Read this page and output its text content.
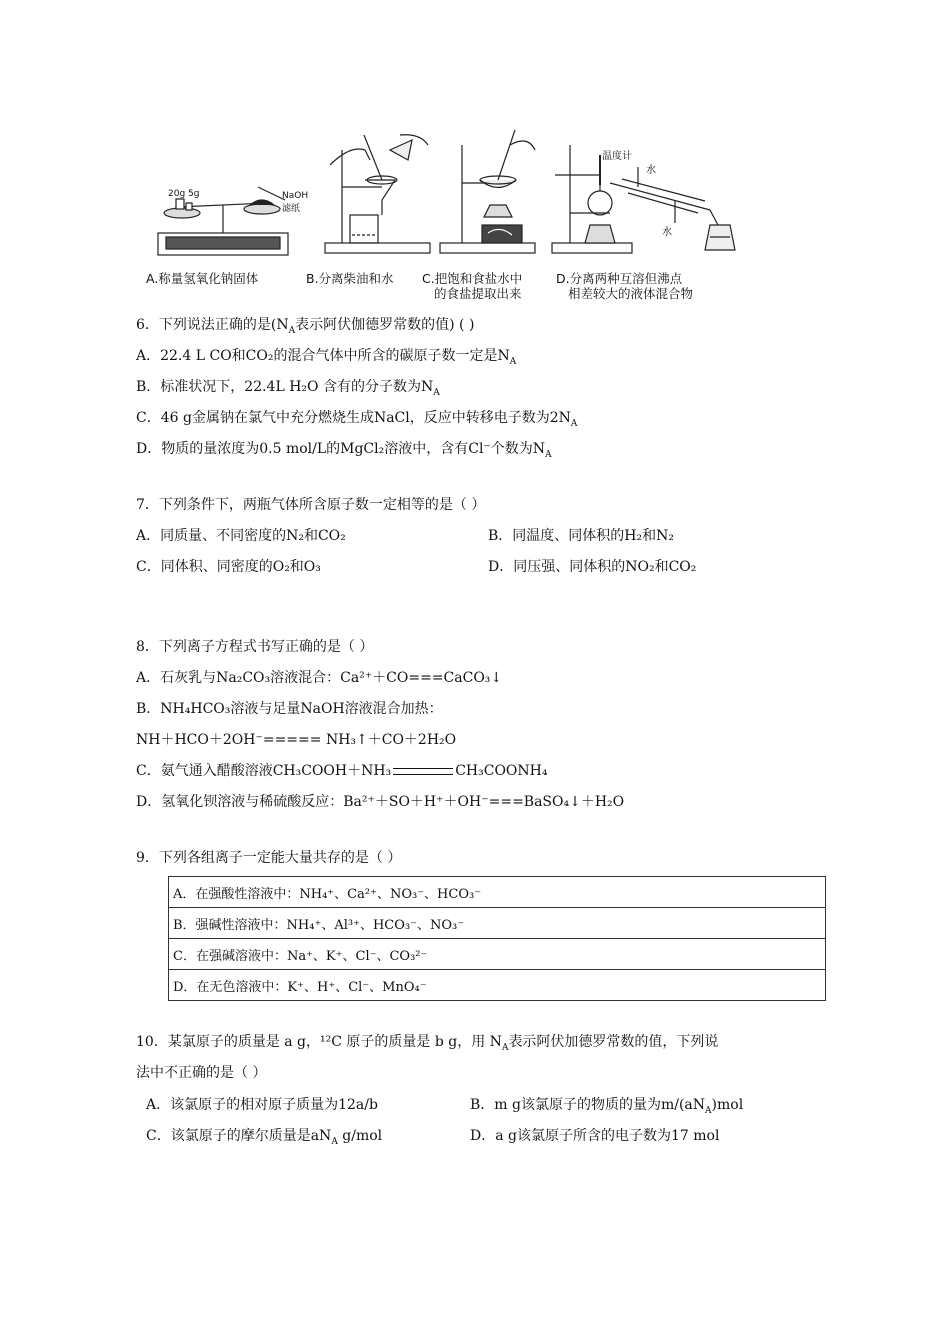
20g 5g	NaOH
滤纸
温度计
水
水
A.称量氢氧化钠固体	B.分离柴油和水 C.把饱和食盐水中
的食盐提取出来
D.分离两种互溶但沸点
相差较大的液体混合物
6．下列说法正确的是($N_A$表示阿伏伽德罗常数的值) ( )
A．22.4 L CO和CO₂的混合气体中所含的碳原子数一定是$N_A$
B．标准状况下，22.4L H₂O 含有的分子数为$N_A$
C．46 g金属钠在氯气中充分燃烧生成NaCl，反应中转移电子数为$2N_A$
D．物质的量浓度为0.5 mol/L的MgCl₂溶液中，含有Cl⁻个数为$N_A$
7．下列条件下，两瓶气体所含原子数一定相等的是（ ）
A．同质量、不同密度的N₂和CO₂	B．同温度、同体积的H₂和N₂
C．同体积、同密度的O₂和O₃	D．同压强、同体积的NO₂和CO₂
8．下列离子方程式书写正确的是（ ）
A．石灰乳与Na₂CO₃溶液混合：Ca²⁺＋CO===CaCO₃↓
B．NH₄HCO₃溶液与足量NaOH溶液混合加热：
NH＋HCO＋2OH⁻===== NH₃↑＋CO＋2H₂O
C．氨气通入醋酸溶液CH₃COOH＋NH₃	CH₃COONH₄
D．氢氧化钡溶液与稀硫酸反应：Ba²⁺＋SO＋H⁺＋OH⁻===BaSO₄↓＋H₂O
9．下列各组离子一定能大量共存的是（ ）
A．在强酸性溶液中：NH₄⁺、Ca²⁺、NO₃⁻、HCO₃⁻
B．强碱性溶液中：NH₄⁺、Al³⁺、HCO₃⁻、NO₃⁻
C．在强碱溶液中：Na⁺、K⁺、Cl⁻、CO₃²⁻
D．在无色溶液中：K⁺、H⁺、Cl⁻、MnO₄⁻
10．某氯原子的质量是 a g，¹²C 原子的质量是 b g，用 $N_A$表示阿伏加德罗常数的值，下列说
法中不正确的是（ ）
A．该氯原子的相对原子质量为12a/b	B．m g该氯原子的物质的量为$m/(aN_A)mol$
C．该氯原子的摩尔质量是$aN_A$ g/mol	D．a g该氯原子所含的电子数为17 mol
